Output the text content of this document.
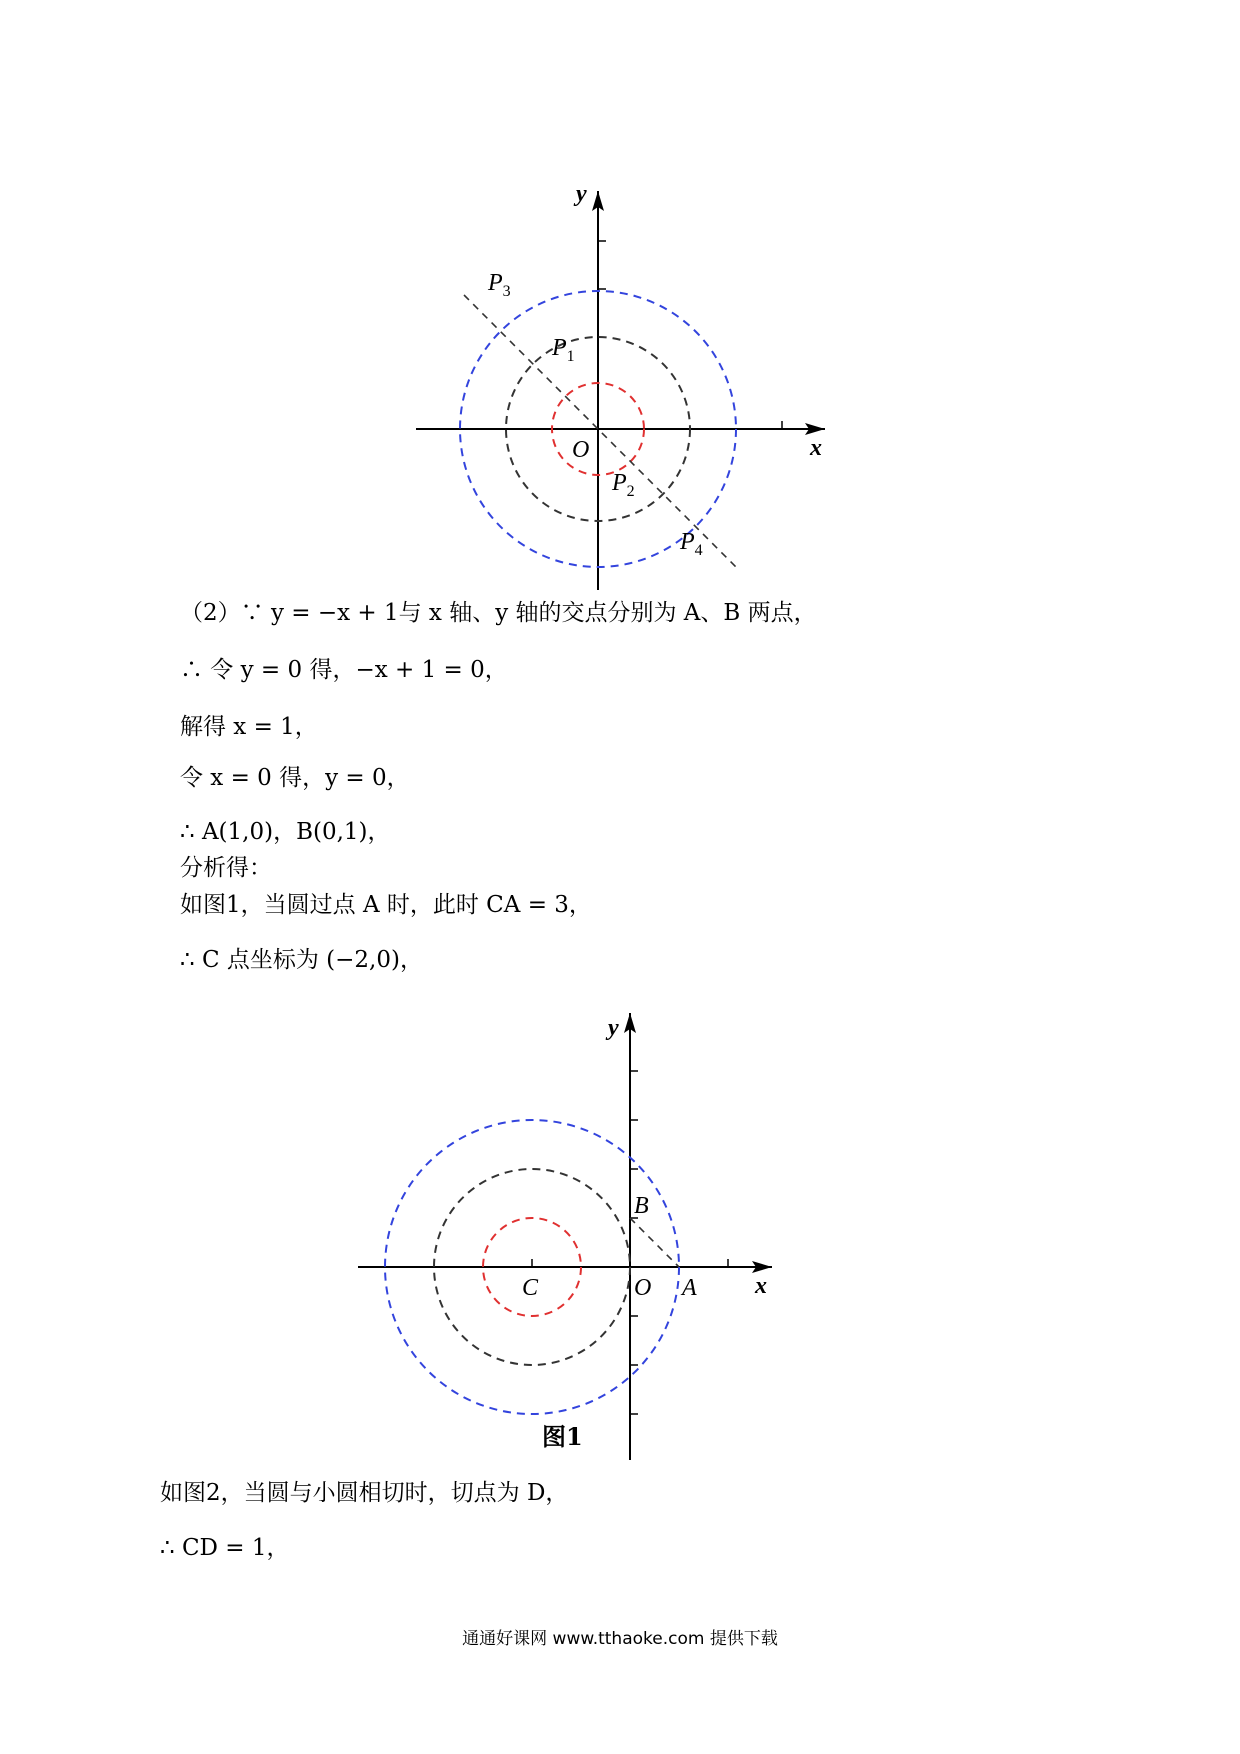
y
x
O
$P_3$
$P_1$
$P_2$
$P_4$
（2）∵ y = −x + 1与 x 轴、y 轴的交点分别为 A、B 两点，
∴ 令 y = 0 得，−x + 1 = 0，
解得 x = 1，
令 x = 0 得，y = 0，
∴ A(1,0)，B(0,1)，
分析得：
如图1，当圆过点 A 时，此时 CA = 3，
∴ C 点坐标为 (−2,0)，
y
x
O A
B
C
图1
如图2，当圆与小圆相切时，切点为 D，
∴ CD = 1，
通通好课网 www.tthaoke.com 提供下载
